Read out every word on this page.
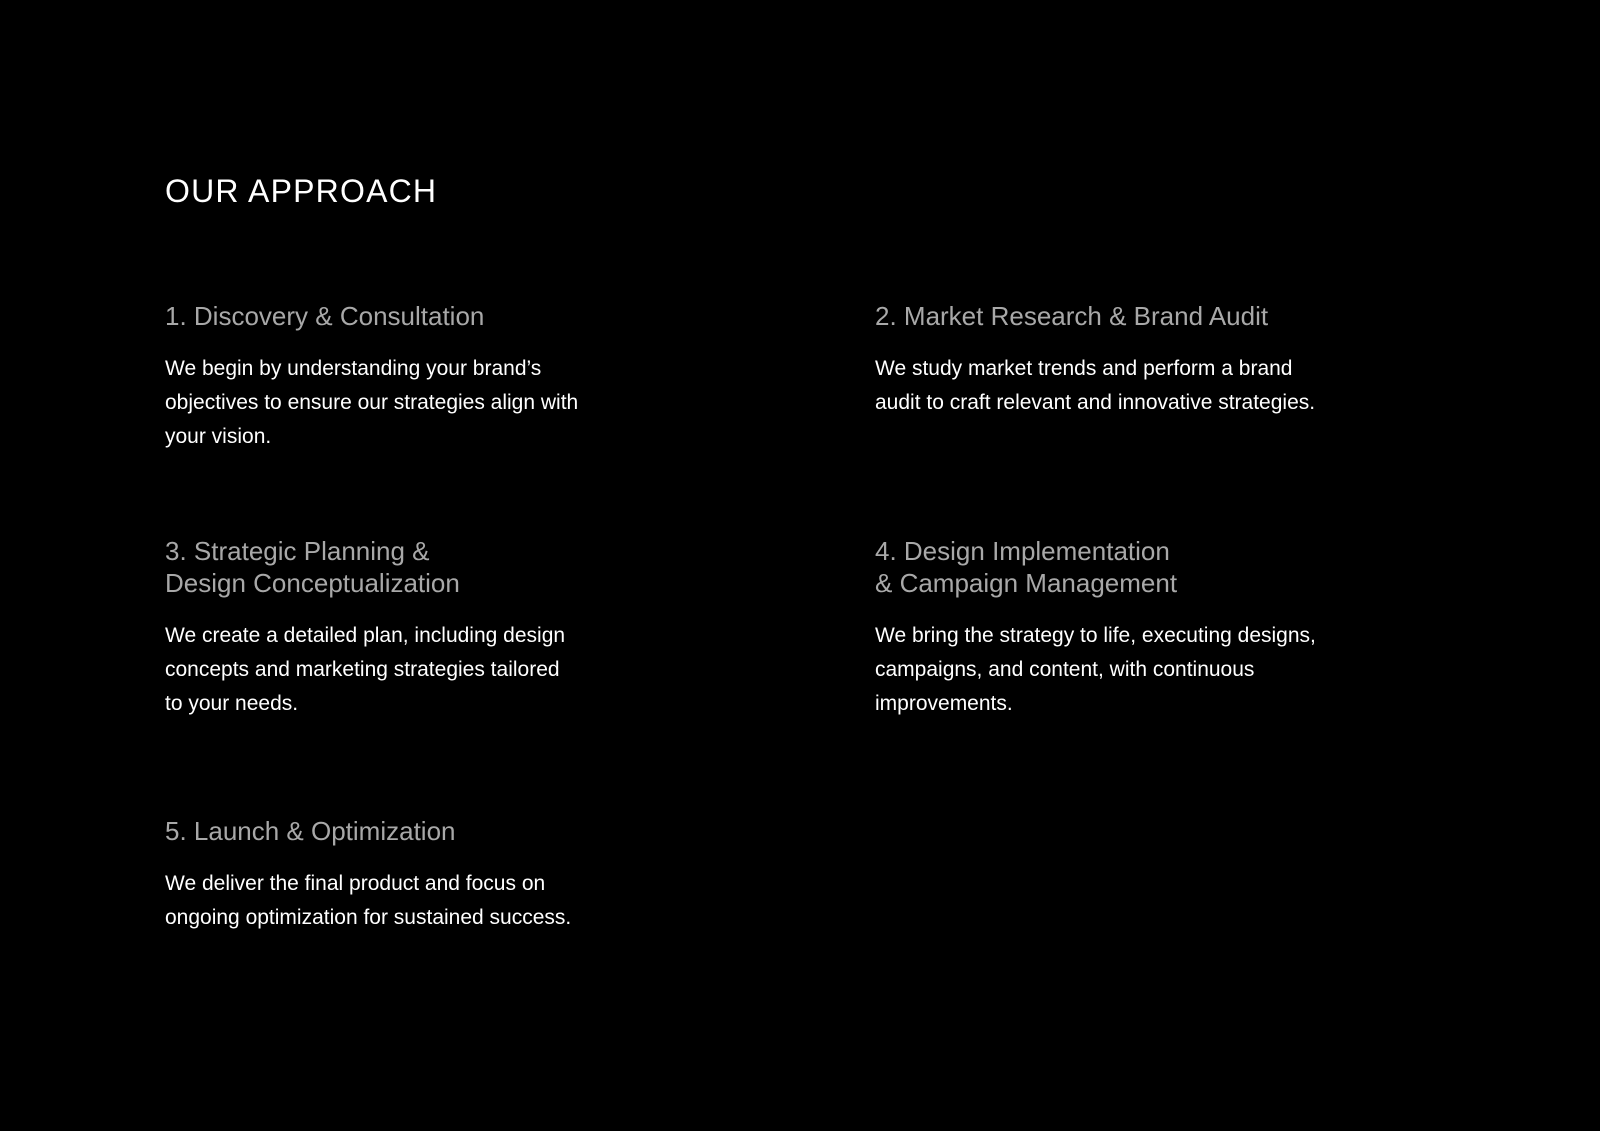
OUR APPROACH
1. Discovery & Consultation

We begin by understanding your brand’s
objectives to ensure our strategies align with
your vision.

2. Market Research & Brand Audit

We study market trends and perform a brand
audit to craft relevant and innovative strategies.

3. Strategic Planning &
Design Conceptualization

We create a detailed plan, including design
concepts and marketing strategies tailored
to your needs.

4. Design Implementation
& Campaign Management

We bring the strategy to life, executing designs,
campaigns, and content, with continuous
improvements.

5. Launch & Optimization

We deliver the final product and focus on
ongoing optimization for sustained success.
